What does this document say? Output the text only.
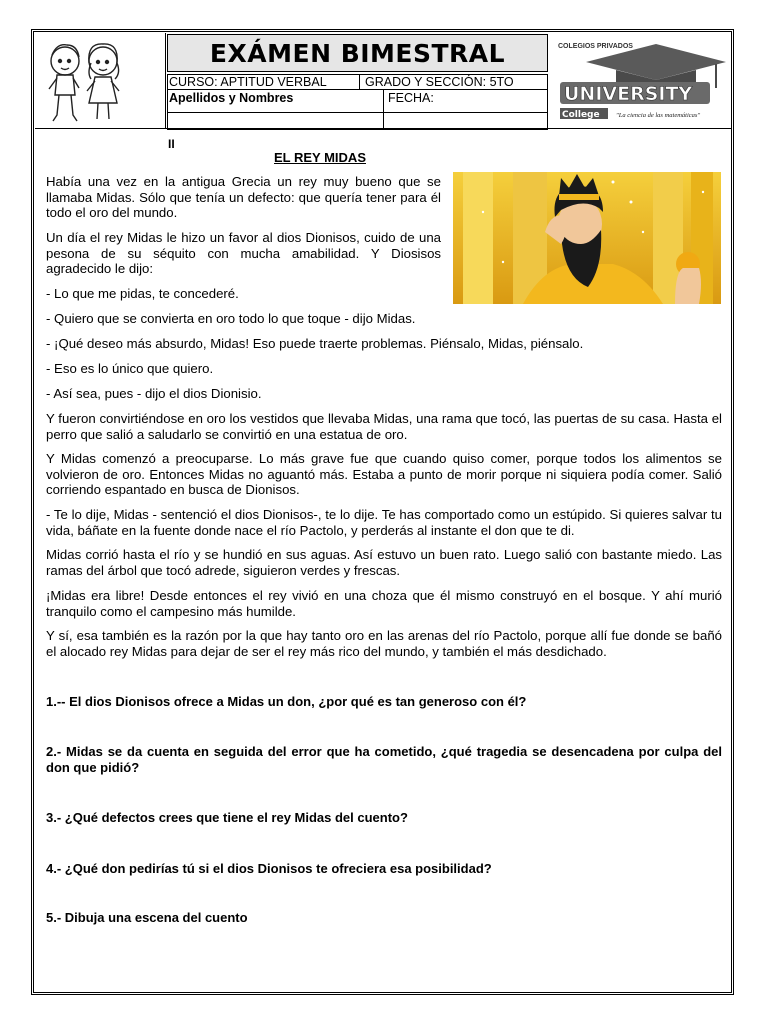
EXÁMEN BIMESTRAL
CURSO: APTITUD VERBAL	GRADO Y SECCIÓN: 5TO
Apellidos y Nombres	FECHA:
COLEGIOS PRIVADOS
UNIVERSITY
College	"La ciencia de las matemáticas"
II
EL REY MIDAS

Había una vez en la antigua Grecia un rey muy bueno que se llamaba Midas. Sólo que tenía un defecto: que quería tener para él todo el oro del mundo.

Un día el rey Midas le hizo un favor al dios Dionisos, cuido de una pesona de su séquito con mucha amabilidad. Y Diosisos agradecido le dijo:

- Lo que me pidas, te concederé.

- Quiero que se convierta en oro todo lo que toque - dijo Midas.

- ¡Qué deseo más absurdo, Midas! Eso puede traerte problemas. Piénsalo, Midas, piénsalo.

- Eso es lo único que quiero.

- Así sea, pues - dijo el dios Dionisio.

Y fueron convirtiéndose en oro los vestidos que llevaba Midas, una rama que tocó, las puertas de su casa. Hasta el perro que salió a saludarlo se convirtió en una estatua de oro.

Y Midas comenzó a preocuparse. Lo más grave fue que cuando quiso comer, porque todos los alimentos se volvieron de oro. Entonces Midas no aguantó más. Estaba a punto de morir porque ni siquiera podía comer. Salió corriendo espantado en busca de Dionisos.

- Te lo dije, Midas - sentenció el dios Dionisos-, te lo dije. Te has comportado como un estúpido. Si quieres salvar tu vida, báñate en la fuente donde nace el río Pactolo, y perderás al instante el don que te di.

Midas corrió hasta el río y se hundió en sus aguas. Así estuvo un buen rato. Luego salió con bastante miedo. Las ramas del árbol que tocó adrede, siguieron verdes y frescas.

¡Midas era libre! Desde entonces el rey vivió en una choza que él mismo construyó en el bosque. Y ahí murió tranquilo como el campesino más humilde.

Y sí, esa también es la razón por la que hay tanto oro en las arenas del río Pactolo, porque allí fue donde se bañó el alocado rey Midas para dejar de ser el rey más rico del mundo, y también el más desdichado.

1.-- El dios Dionisos ofrece a Midas un don, ¿por qué es tan generoso con él?

2.- Midas se da cuenta en seguida del error que ha cometido, ¿qué tragedia se desencadena por culpa del don que pidió?

3.- ¿Qué defectos crees que tiene el rey Midas del cuento?

4.- ¿Qué don pedirías tú si el dios Dionisos te ofreciera esa posibilidad?

5.- Dibuja una escena del cuento
